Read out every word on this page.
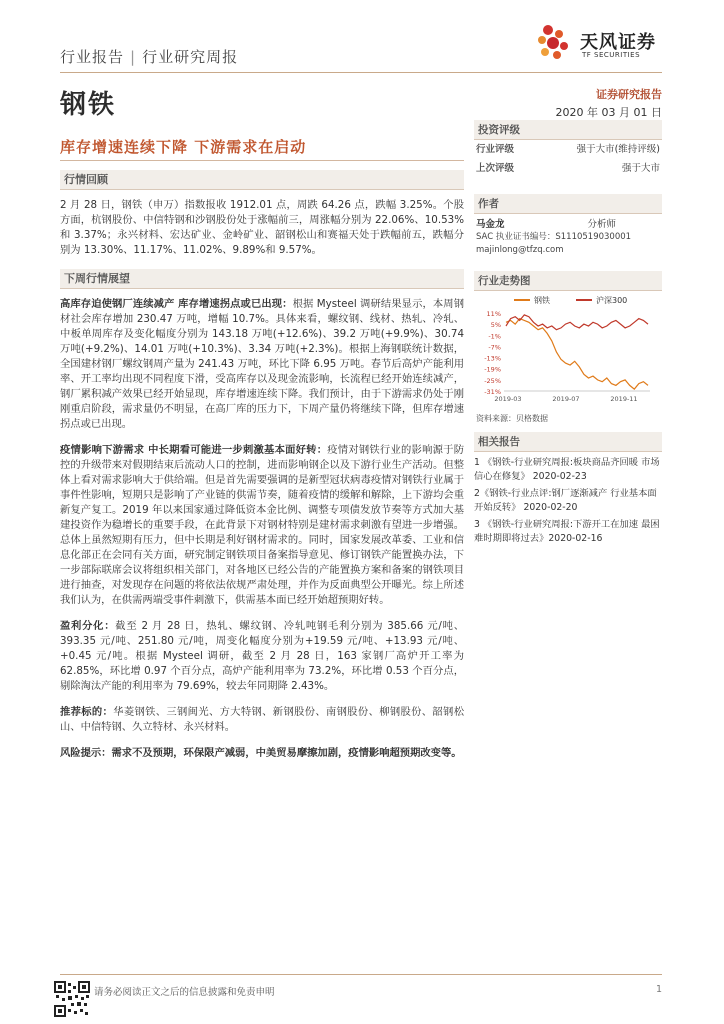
行业报告 | 行业研究周报
天风证券
TF SECURITIES
钢铁	证券研究报告
2020 年 03 月 01 日
库存增速连续下降 下游需求在启动
行情回顾

2 月 28 日，钢铁（申万）指数报收 1912.01 点，周跌 64.26 点，跌幅 3.25%。个股方面，杭钢股份、中信特钢和沙钢股份处于涨幅前三，周涨幅分别为 22.06%、10.53%和 3.37%；永兴材料、宏达矿业、金岭矿业、韶钢松山和赛福天处于跌幅前五，跌幅分别为 13.30%、11.17%、11.02%、9.89%和 9.57%。

下周行情展望

高库存迫使钢厂连续减产 库存增速拐点或已出现：根据 Mysteel 调研结果显示，本周钢材社会库存增加 230.47 万吨，增幅 10.7%。具体来看，螺纹钢、线材、热轧、冷轧、中板单周库存及变化幅度分别为 143.18 万吨(+12.6%)、39.2 万吨(+9.9%)、30.74 万吨(+9.2%)、14.01 万吨(+10.3%)、3.34 万吨(+2.3%)。根据上海钢联统计数据，全国建材钢厂螺纹钢周产量为 241.43 万吨，环比下降 6.95 万吨。春节后高炉产能利用率、开工率均出现不同程度下滑，受高库存以及现金流影响，长流程已经开始连续减产，钢厂累积减产效果已经开始显现，库存增速连续下降。我们预计，由于下游需求仍处于刚刚重启阶段，需求量仍不明显，在高厂库的压力下，下周产量仍将继续下降，但库存增速拐点或已出现。

疫情影响下游需求 中长期看可能进一步刺激基本面好转：疫情对钢铁行业的影响源于防控的升级带来对假期结束后流动人口的控制，进而影响钢企以及下游行业生产活动。但整体上看对需求影响大于供给端。但是首先需要强调的是新型冠状病毒疫情对钢铁行业属于事件性影响，短期只是影响了产业链的供需节奏，随着疫情的缓解和解除，上下游均会重新复产复工。2019 年以来国家通过降低资本金比例、调整专项债发放节奏等方式加大基建投资作为稳增长的重要手段，在此背景下对钢材特别是建材需求刺激有望进一步增强。总体上虽然短期有压力，但中长期是利好钢材需求的。同时，国家发展改革委、工业和信息化部正在会同有关方面，研究制定钢铁项目备案指导意见、修订钢铁产能置换办法，下一步部际联席会议将组织相关部门，对各地区已经公告的产能置换方案和备案的钢铁项目进行抽查，对发现存在问题的将依法依规严肃处理，并作为反面典型公开曝光。综上所述我们认为，在供需两端受事件刺激下，供需基本面已经开始超预期好转。

盈利分化：截至 2 月 28 日，热轧、螺纹钢、冷轧吨钢毛利分别为 385.66 元/吨、393.35 元/吨、251.80 元/吨，周变化幅度分别为+19.59 元/吨、+13.93 元/吨、+0.45 元/吨。根据 Mysteel 调研，截至 2 月 28 日，163 家钢厂高炉开工率为 62.85%，环比增 0.97 个百分点，高炉产能利用率为 73.2%，环比增 0.53 个百分点，剔除淘汰产能的利用率为 79.69%，较去年同期降 2.43%。

推荐标的：华菱钢铁、三钢闽光、方大特钢、新钢股份、南钢股份、柳钢股份、韶钢松山、中信特钢、久立特材、永兴材料。

风险提示：需求不及预期，环保限产减弱，中美贸易摩擦加剧，疫情影响超预期改变等。

投资评级
行业评级	强于大市(维持评级)
上次评级	强于大市
作者
马金龙	分析师
SAC 执业证书编号：S1110519030001
majinlong@tfzq.com
行业走势图
钢铁	沪深300
11%
5%
-1%
-7%
-13%
-19%
-25%
-31%
2019-03	2019-07	2019-11
资料来源：贝格数据
相关报告
1 《钢铁-行业研究周报:板块商品齐回暖 市场信心在修复》 2020-02-23
2《钢铁-行业点评:钢厂逐渐减产 行业基本面开始反转》 2020-02-20
3 《钢铁-行业研究周报:下游开工在加速 最困难时期即将过去》2020-02-16
请务必阅读正文之后的信息披露和免责申明	1
